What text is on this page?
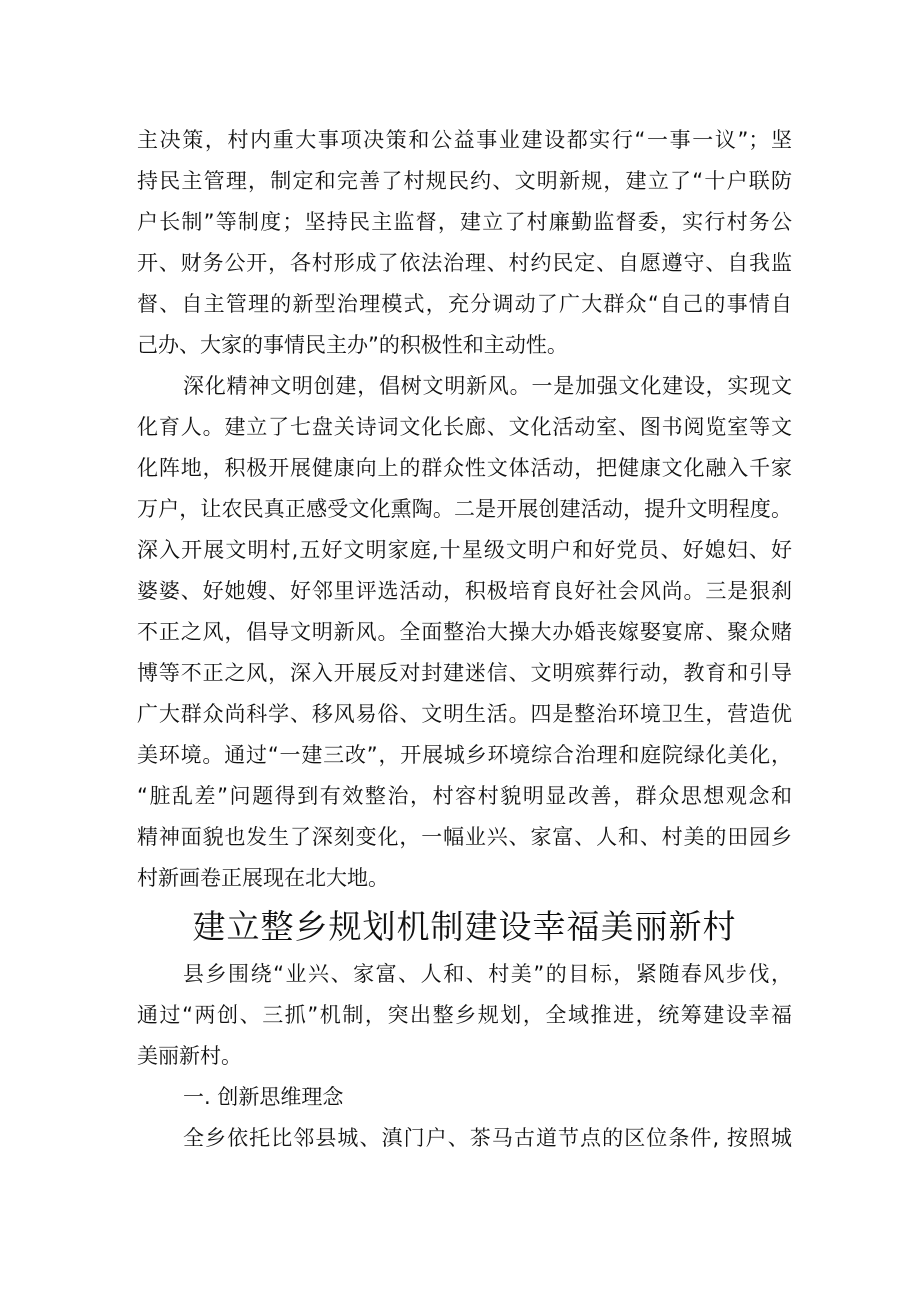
主决策，村内重大事项决策和公益事业建设都实行“一事一议”；坚
持民主管理，制定和完善了村规民约、文明新规，建立了“十户联防
户长制”等制度；坚持民主监督，建立了村廉勤监督委，实行村务公
开、财务公开，各村形成了依法治理、村约民定、自愿遵守、自我监
督、自主管理的新型治理模式，充分调动了广大群众“自己的事情自
己办、大家的事情民主办”的积极性和主动性。
深化精神文明创建，倡树文明新风。一是加强文化建设，实现文
化育人。建立了七盘关诗词文化长廊、文化活动室、图书阅览室等文
化阵地，积极开展健康向上的群众性文体活动，把健康文化融入千家
万户，让农民真正感受文化熏陶。二是开展创建活动，提升文明程度。
深入开展文明村,五好文明家庭,十星级文明户和好党员、好媳妇、好
婆婆、好她嫂、好邻里评选活动，积极培育良好社会风尚。三是狠刹
不正之风，倡导文明新风。全面整治大操大办婚丧嫁娶宴席、聚众赌
博等不正之风，深入开展反对封建迷信、文明殡葬行动，教育和引导
广大群众尚科学、移风易俗、文明生活。四是整治环境卫生，营造优
美环境。通过“一建三改”，开展城乡环境综合治理和庭院绿化美化，
“脏乱差”问题得到有效整治，村容村貌明显改善，群众思想观念和
精神面貌也发生了深刻变化，一幅业兴、家富、人和、村美的田园乡
村新画卷正展现在北大地。
建立整乡规划机制建设幸福美丽新村
县乡围绕“业兴、家富、人和、村美”的目标，紧随春风步伐，
通过“两创、三抓”机制，突出整乡规划，全域推进，统筹建设幸福
美丽新村。
一. 创新思维理念
全乡依托比邻县城、滇门户、茶马古道节点的区位条件, 按照城
